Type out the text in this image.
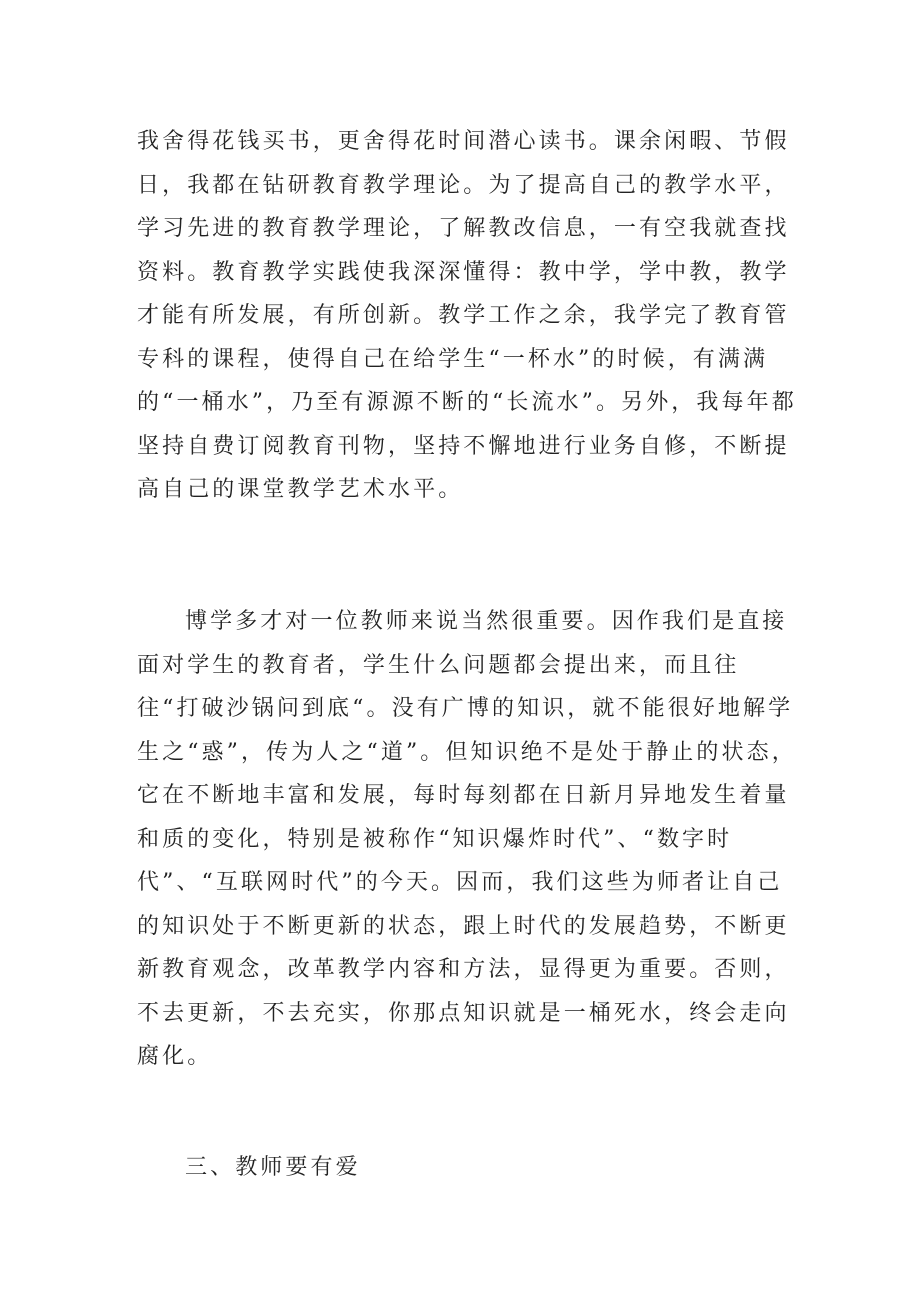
我舍得花钱买书，更舍得花时间潜心读书。课余闲暇、节假日，我都在钻研教育教学理论。为了提高自己的教学水平，学习先进的教育教学理论，了解教改信息，一有空我就查找资料。教育教学实践使我深深懂得：教中学，学中教，教学才能有所发展，有所创新。教学工作之余，我学完了教育管专科的课程，使得自己在给学生“一杯水”的时候，有满满的“一桶水”，乃至有源源不断的“长流水”。另外，我每年都坚持自费订阅教育刊物，坚持不懈地进行业务自修，不断提高自己的课堂教学艺术水平。

博学多才对一位教师来说当然很重要。因作我们是直接面对学生的教育者，学生什么问题都会提出来，而且往往“打破沙锅问到底“。没有广博的知识，就不能很好地解学生之“惑”，传为人之“道”。但知识绝不是处于静止的状态，它在不断地丰富和发展，每时每刻都在日新月异地发生着量和质的变化，特别是被称作“知识爆炸时代”、“数字时代”、“互联网时代”的今天。因而，我们这些为师者让自己的知识处于不断更新的状态，跟上时代的发展趋势，不断更新教育观念，改革教学内容和方法，显得更为重要。否则，不去更新，不去充实，你那点知识就是一桶死水，终会走向腐化。

三、教师要有爱
